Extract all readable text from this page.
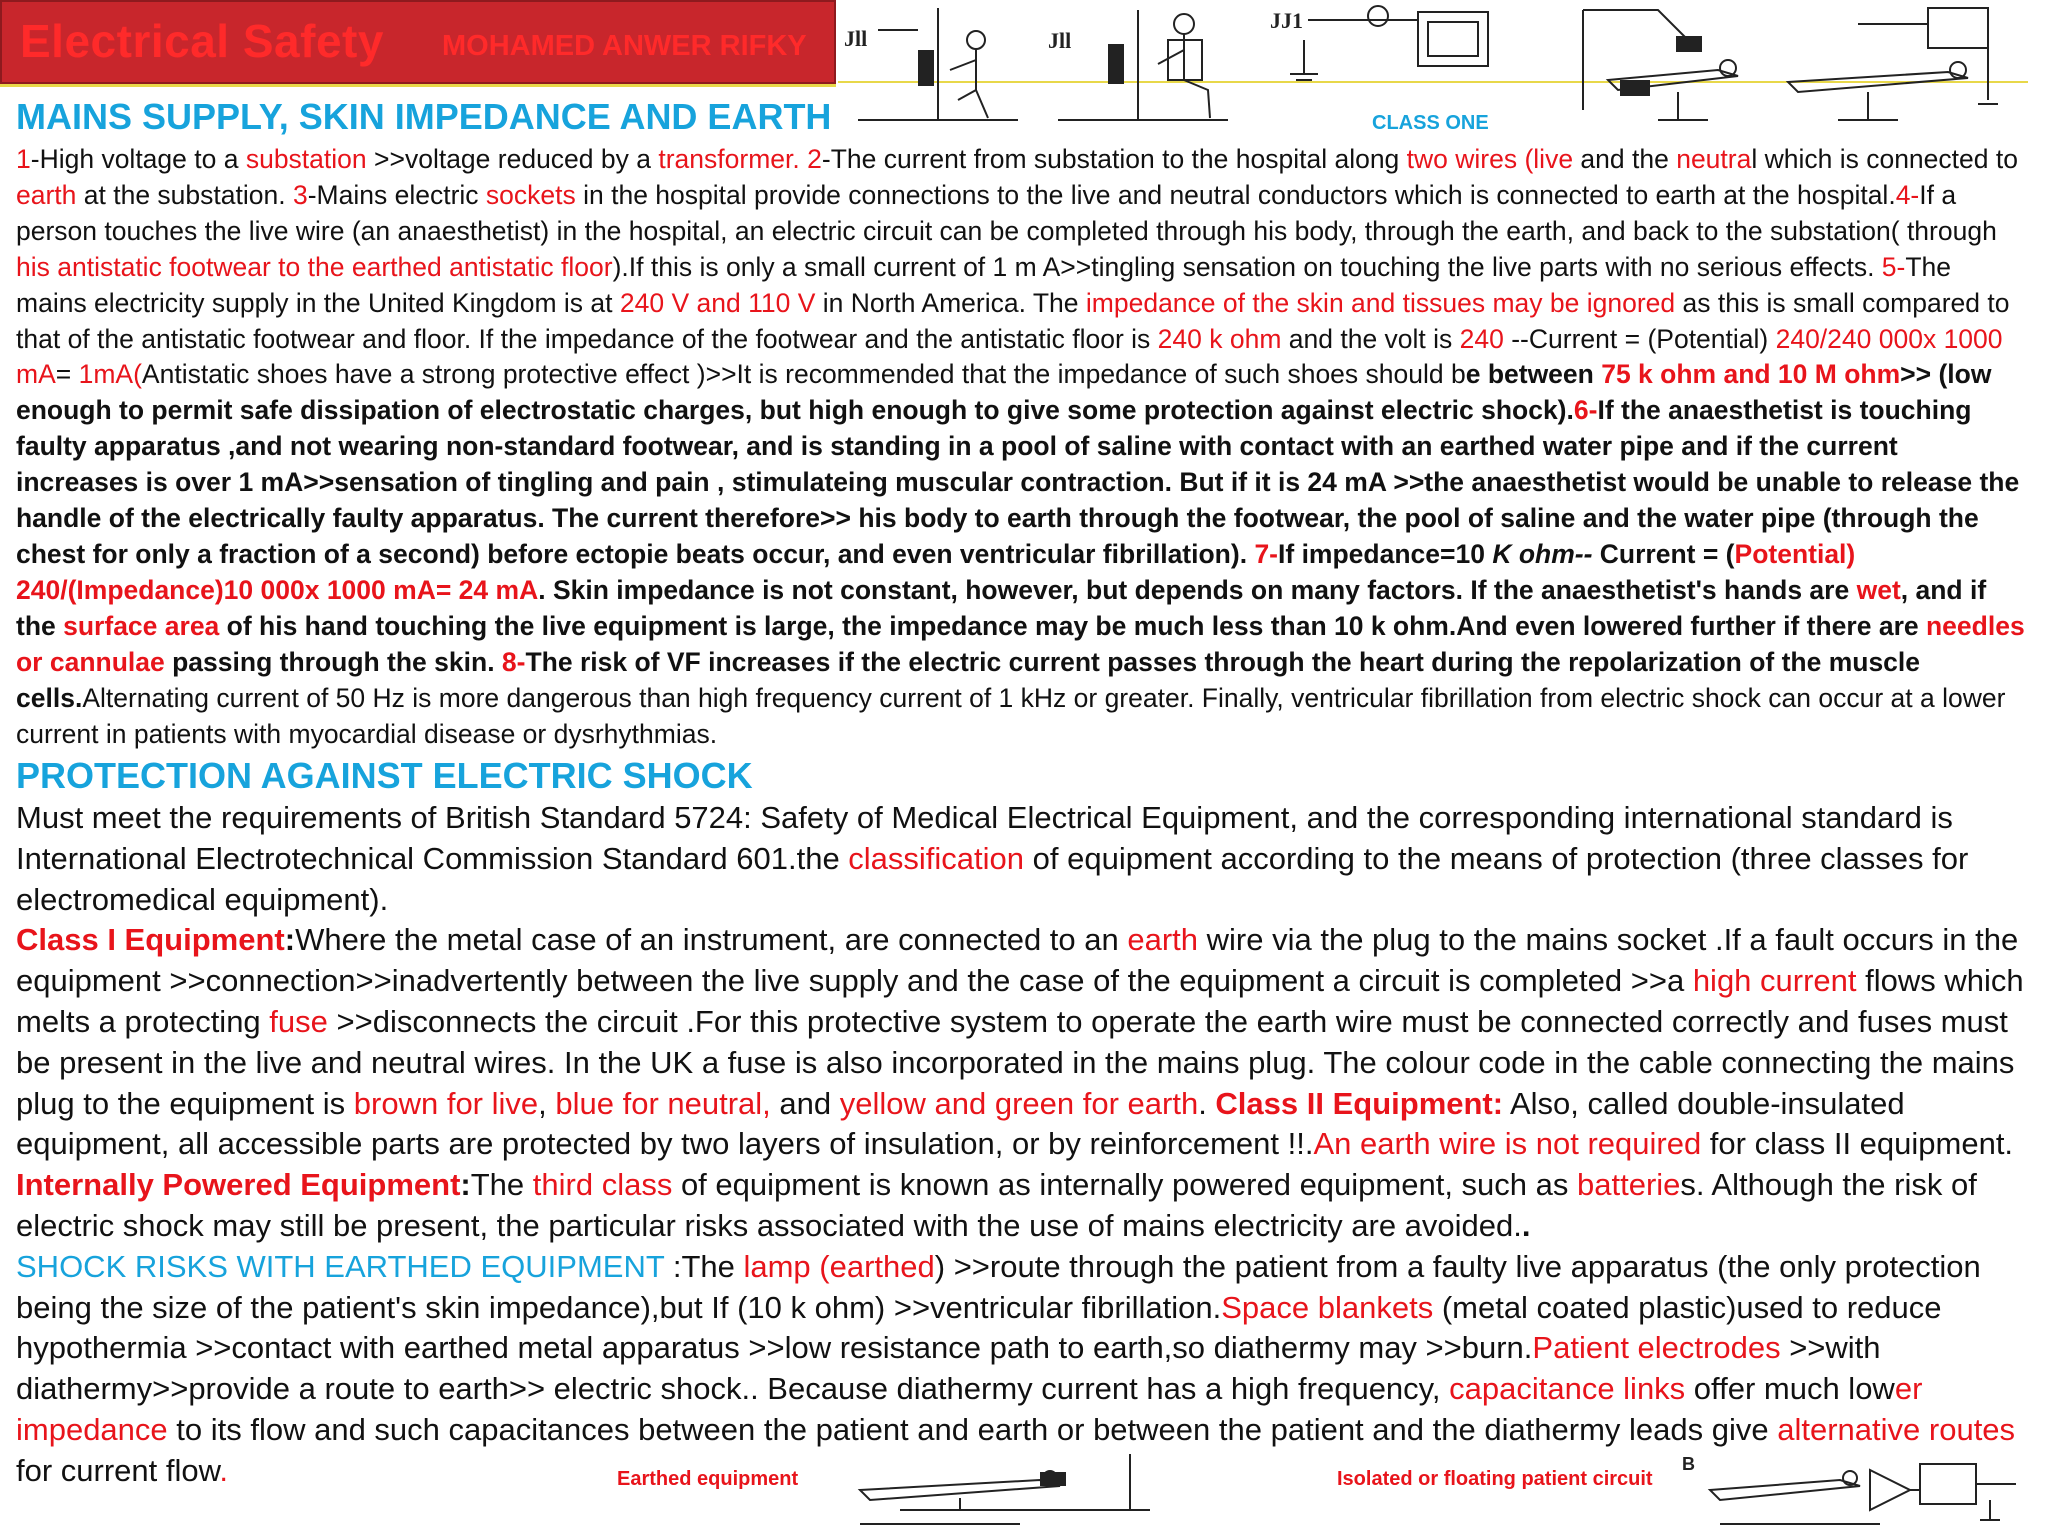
Electrical Safety MOHAMED ANWER RIFKY Jll	Jll
JJ1
CLASS ONE
MAINS SUPPLY, SKIN IMPEDANCE AND EARTH
1-High voltage to a substation >>voltage reduced by a transformer. 2-The current from substation to the hospital along two wires (live and the neutral which is connected to earth at the substation. 3-Mains electric sockets in the hospital provide connections to the live and neutral conductors which is connected to earth at the hospital.4-If a person touches the live wire (an anaesthetist) in the hospital, an electric circuit can be completed through his body, through the earth, and back to the substation( through his antistatic footwear to the earthed antistatic floor).If this is only a small current of 1 m A>>tingling sensation on touching the live parts with no serious effects. 5-The mains electricity supply in the United Kingdom is at 240 V and 110 V in North America. The impedance of the skin and tissues may be ignored as this is small compared to that of the antistatic footwear and floor. If the impedance of the footwear and the antistatic floor is 240 k ohm and the volt is 240 --Current = (Potential) 240/240 000x 1000 mA= 1mA(Antistatic shoes have a strong protective effect )>>It is recommended that the impedance of such shoes should be between 75 k ohm and 10 M ohm>> (low enough to permit safe dissipation of electrostatic charges, but high enough to give some protection against electric shock).6-If the anaesthetist is touching faulty apparatus ,and not wearing non-standard footwear, and is standing in a pool of saline with contact with an earthed water pipe and if the current increases is over 1 mA>>sensation of tingling and pain , stimulateing muscular contraction. But if it is 24 mA >>the anaesthetist would be unable to release the handle of the electrically faulty apparatus. The current therefore>> his body to earth through the footwear, the pool of saline and the water pipe (through the chest for only a fraction of a second) before ectopie beats occur, and even ventricular fibrillation). 7-If impedance=10 K ohm-- Current = (Potential) 240/(Impedance)10 000x 1000 mA= 24 mA. Skin impedance is not constant, however, but depends on many factors. If the anaesthetist's hands are wet, and if the surface area of his hand touching the live equipment is large, the impedance may be much less than 10 k ohm.And even lowered further if there are needles or cannulae passing through the skin. 8-The risk of VF increases if the electric current passes through the heart during the repolarization of the muscle cells.Alternating current of 50 Hz is more dangerous than high frequency current of 1 kHz or greater. Finally, ventricular fibrillation from electric shock can occur at a lower current in patients with myocardial disease or dysrhythmias.
PROTECTION AGAINST ELECTRIC SHOCK
Must meet the requirements of British Standard 5724: Safety of Medical Electrical Equipment, and the corresponding international standard is International Electrotechnical Commission Standard 601.the classification of equipment according to the means of protection (three classes for electromedical equipment).
Class I Equipment:Where the metal case of an instrument, are connected to an earth wire via the plug to the mains socket .If a fault occurs in the equipment >>connection>>inadvertently between the live supply and the case of the equipment a circuit is completed >>a high current flows which melts a protecting fuse >>disconnects the circuit .For this protective system to operate the earth wire must be connected correctly and fuses must be present in the live and neutral wires. In the UK a fuse is also incorporated in the mains plug. The colour code in the cable connecting the mains plug to the equipment is brown for live, blue for neutral, and yellow and green for earth. Class II Equipment: Also, called double-insulated equipment, all accessible parts are protected by two layers of insulation, or by reinforcement !!.An earth wire is not required for class II equipment. Internally Powered Equipment:The third class of equipment is known as internally powered equipment, such as batteries. Although the risk of electric shock may still be present, the particular risks associated with the use of mains electricity are avoided..
SHOCK RISKS WITH EARTHED EQUIPMENT :The lamp (earthed) >>route through the patient from a faulty live apparatus (the only protection being the size of the patient's skin impedance),but If (10 k ohm) >>ventricular fibrillation.Space blankets (metal coated plastic)used to reduce hypothermia >>contact with earthed metal apparatus >>low resistance path to earth,so diathermy may >>burn.Patient electrodes >>with diathermy>>provide a route to earth>> electric shock.. Because diathermy current has a high frequency, capacitance links offer much lower impedance to its flow and such capacitances between the patient and earth or between the patient and the diathermy leads give alternative routes for current flow.	Earthed equipment	Isolated or floating patient circuit
B
